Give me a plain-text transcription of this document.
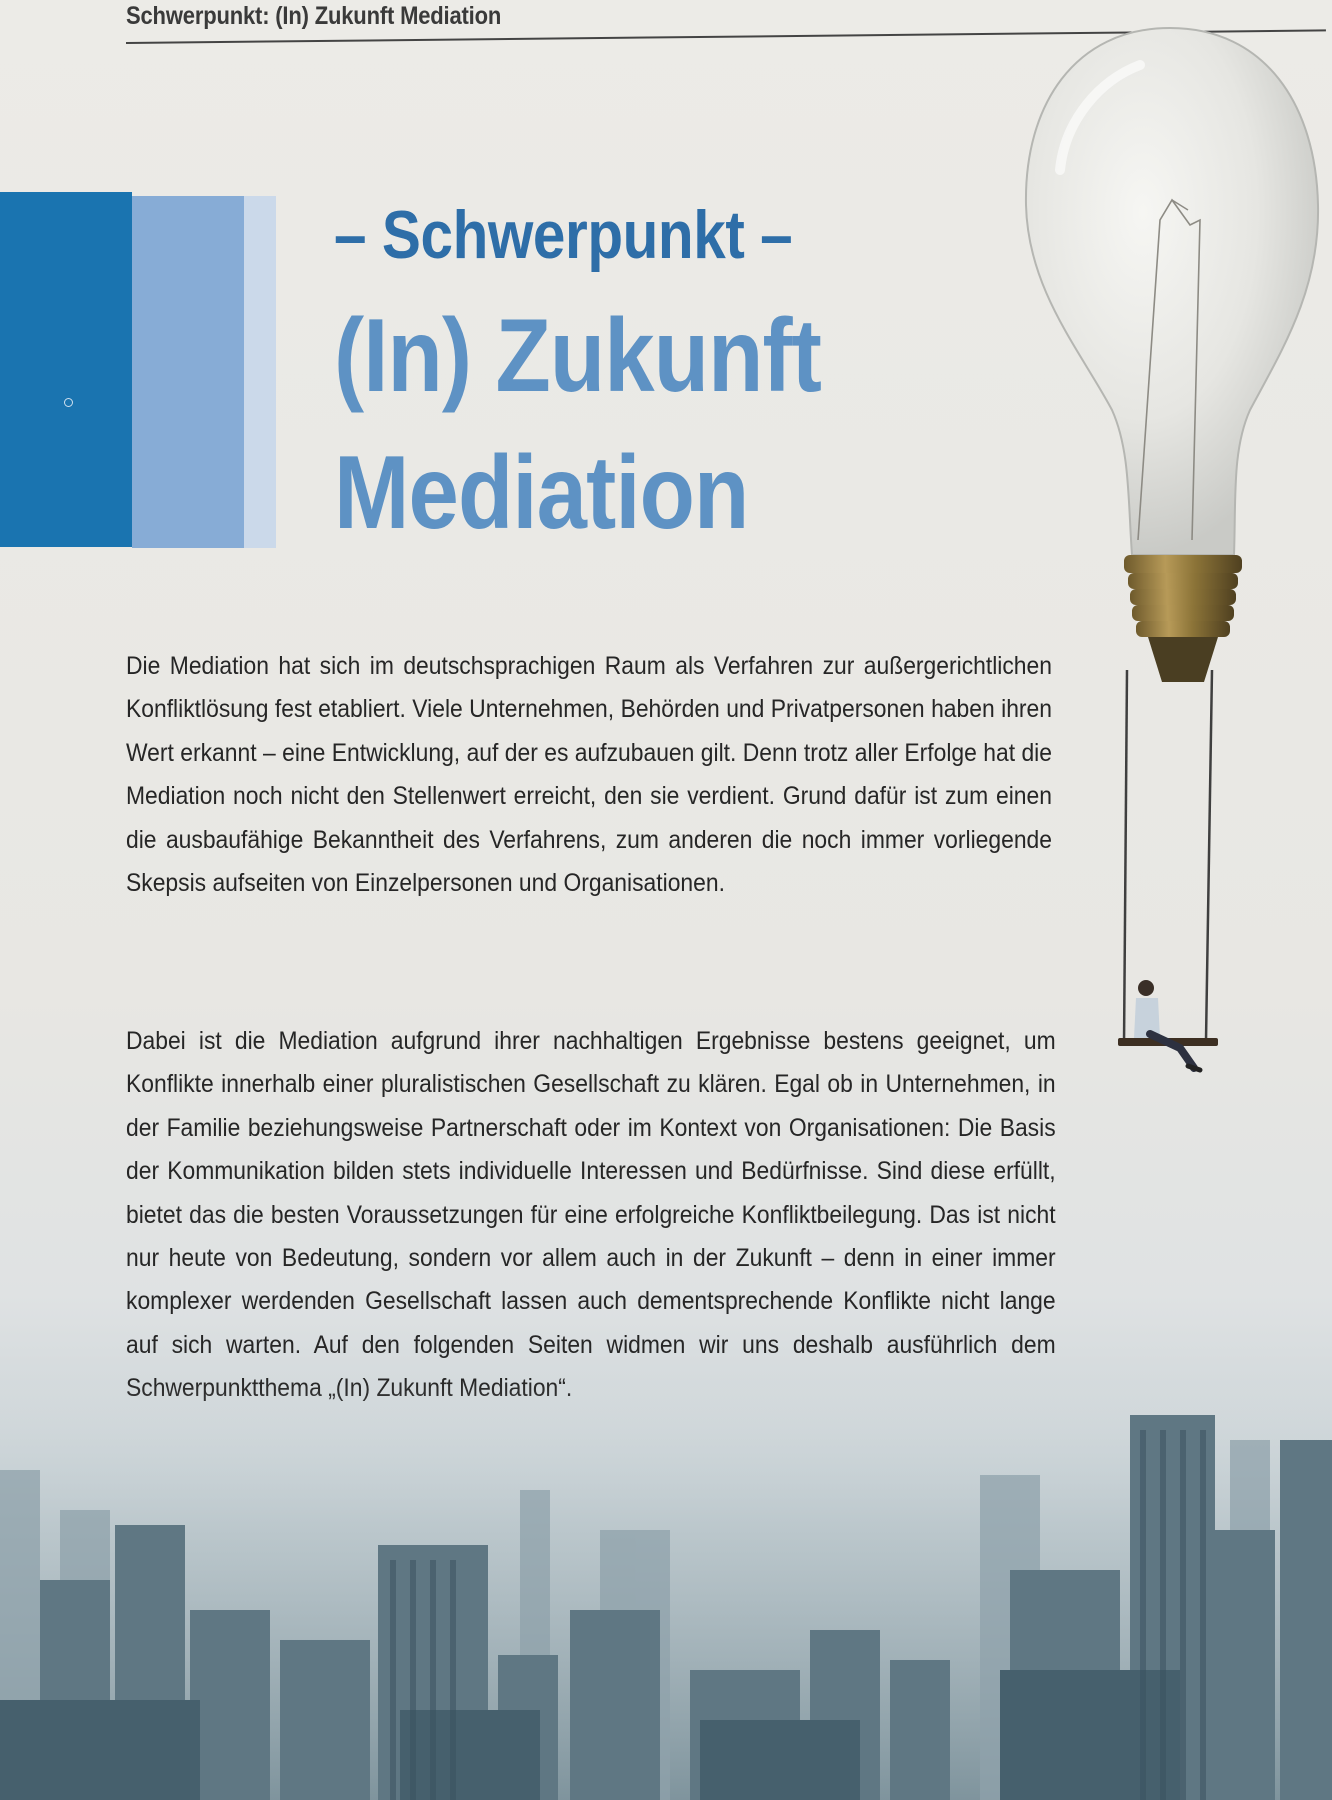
Schwerpunkt: (In) Zukunft Mediation
– Schwerpunkt –
(In) Zukunft
Mediation

Die Mediation hat sich im deutschsprachigen Raum als Verfahren zur außergerichtlichen Konfliktlösung fest etabliert. Viele Unternehmen, Behörden und Privatpersonen haben ihren Wert erkannt – eine Entwicklung, auf der es aufzubauen gilt. Denn trotz aller Erfolge hat die Mediation noch nicht den Stellenwert erreicht, den sie verdient. Grund dafür ist zum einen die ausbaufähige Bekanntheit des Verfahrens, zum anderen die noch immer vorliegende Skepsis aufseiten von Einzelpersonen und Organisationen.

Dabei ist die Mediation aufgrund ihrer nachhaltigen Ergebnisse bestens geeignet, um Konflikte innerhalb einer pluralistischen Gesellschaft zu klären. Egal ob in Unternehmen, in der Familie beziehungsweise Partnerschaft oder im Kontext von Organisationen: Die Basis der Kommunikation bilden stets individuelle Interessen und Bedürfnisse. Sind diese erfüllt, bietet das die besten Voraussetzungen für eine erfolgreiche Konfliktbeilegung. Das ist nicht nur heute von Bedeutung, sondern vor allem auch in der Zukunft – denn in einer immer komplexer werdenden Gesellschaft lassen auch dementsprechende Konflikte nicht lange auf sich warten. Auf den folgenden Seiten widmen wir uns deshalb ausführlich dem
